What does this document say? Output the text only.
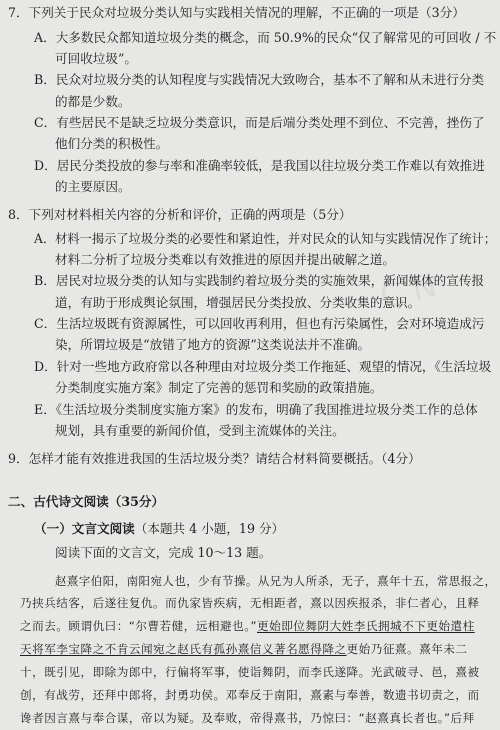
C N
7．下列关于民众对垃圾分类认知与实践相关情况的理解，不正确的一项是（3分）
A．大多数民众都知道垃圾分类的概念，而 50.9%的民众“仅了解常见的可回收 / 不
可回收垃圾”。
B．民众对垃圾分类的认知程度与实践情况大致吻合，基本不了解和从未进行分类
的都是少数。
C．有些居民不是缺乏垃圾分类意识，而是后端分类处理不到位、不完善，挫伤了
他们分类的积极性。
D．居民分类投放的参与率和准确率较低，是我国以往垃圾分类工作难以有效推进
的主要原因。
8．下列对材料相关内容的分析和评价，正确的两项是（5分）
A．材料一揭示了垃圾分类的必要性和紧迫性，并对民众的认知与实践情况作了统计；
材料二分析了垃圾分类难以有效推进的原因并提出破解之道。
B．居民对垃圾分类的认知与实践制约着垃圾分类的实施效果，新闻媒体的宣传报
道，有助于形成舆论氛围，增强居民分类投放、分类收集的意识。
C．生活垃圾既有资源属性，可以回收再利用，但也有污染属性，会对环境造成污
染，所谓垃圾是“放错了地方的资源”这类说法并不准确。
D．针对一些地方政府常以各种理由对垃圾分类工作拖延、观望的情况，《生活垃圾
分类制度实施方案》制定了完善的惩罚和奖励的政策措施。
E．《生活垃圾分类制度实施方案》的发布，明确了我国推进垃圾分类工作的总体
规划，具有重要的新闻价值，受到主流媒体的关注。
9．怎样才能有效推进我国的生活垃圾分类？请结合材料简要概括。（4分）
二、古代诗文阅读（35分）
（一）文言文阅读（本题共 4 小题，19 分）
阅读下面的文言文，完成 10～13 题。
赵熹字伯阳，南阳宛人也，少有节操。从兄为人所杀，无子，熹年十五，常思报之，
乃挟兵结客，后遂往复仇。而仇家皆疾病，无相距者，熹以因疾报杀，非仁者心，且释
之而去。顾谓仇曰：“尔曹若健，远相避也。”更始即位舞阴大姓李氏拥城不下更始遣柱
天将军李宝降之不肯云闻宛之赵氏有孤孙熹信义著名愿得降之更始乃征熹。熹年未二
十，既引见，即除为郎中，行偏将军事，使诣舞阴，而李氏遂降。光武破寻、邑，熹被
创，有战劳，还拜中郎将，封勇功侯。邓奉反于南阳，熹素与奉善，数遗书切责之，而
谗者因言熹与奉合谋，帝以为疑。及奉败，帝得熹书，乃惊曰：“赵熹真长者也。”后拜
